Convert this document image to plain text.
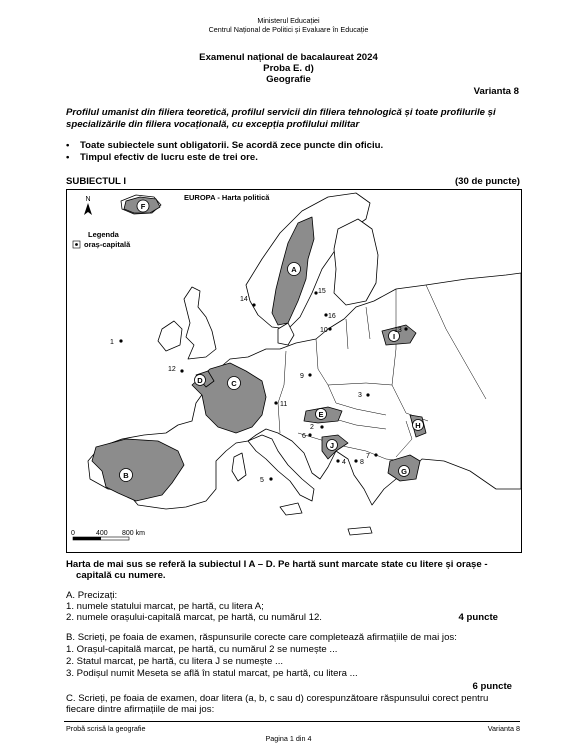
Ministerul Educației
Centrul Național de Politici și Evaluare în Educație
Examenul național de bacalaureat 2024
Proba E. d)
Geografie
Varianta 8
Profilul umanist din filiera teoretică, profilul servicii din filiera tehnologică și toate profilurile și
specializările din filiera vocațională, cu excepția profilului militar
• Toate subiectele sunt obligatorii. Se acordă zece puncte din oficiu.
• Timpul efectiv de lucru este de trei ore.
SUBIECTUL I	(30 de puncte)
A
B
C
D
E
F
G
H
I
J
1
2
3
4
5
6
7
8
9
10
11
12
13
14
15
16
EUROPA - Harta politică
N
Legenda
oraș-capitală
0	400 800 km
Harta de mai sus se referă la subiectul I A – D. Pe hartă sunt marcate state cu litere și orașe -
capitală cu numere.
A. Precizați:
1. numele statului marcat, pe hartă, cu litera A;
2. numele orașului-capitală marcat, pe hartă, cu numărul 12.	4 puncte
B. Scrieți, pe foaia de examen, răspunsurile corecte care completează afirmațiile de mai jos:
1. Orașul-capitală marcat, pe hartă, cu numărul 2 se numește ...
2. Statul marcat, pe hartă, cu litera J se numește ...
3. Podișul numit Meseta se află în statul marcat, pe hartă, cu litera ...
6 puncte
C. Scrieți, pe foaia de examen, doar litera (a, b, c sau d) corespunzătoare răspunsului corect pentru
fiecare dintre afirmațiile de mai jos:
Probă scrisă la geografie	Varianta 8
Pagina 1 din 4
